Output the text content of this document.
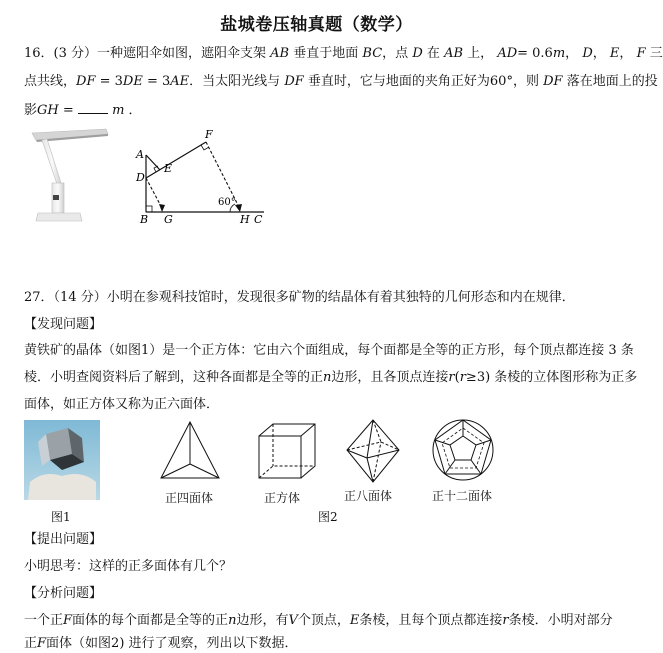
盐城卷压轴真题（数学）
16．(3 分）一种遮阳伞如图，遮阳伞支架 AB 垂直于地面 BC，点 D 在 AB 上， AD= 0.6m， D， E， F 三
点共线，DF = 3DE = 3AE．当太阳光线与 DF 垂直时，它与地面的夹角正好为60°，则 DF 落在地面上的投
影GH =	m ．
F
A
E
D
B G	H C
60°
27．（14 分）小明在参观科技馆时，发现很多矿物的结晶体有着其独特的几何形态和内在规律．
【发现问题】
黄铁矿的晶体（如图1）是一个正方体：它由六个面组成，每个面都是全等的正方形，每个顶点都连接 3 条
棱．小明查阅资料后了解到，这种各面都是全等的正n边形，且各顶点连接r(r≥3) 条棱的立体图形称为正多
面体，如正方体又称为正六面体．
正四面体	正方体	正八面体	正十二面体
图1	图2
【提出问题】
小明思考：这样的正多面体有几个？
【分析问题】
一个正F面体的每个面都是全等的正n边形，有V个顶点，E条棱，且每个顶点都连接r条棱．小明对部分
正F面体（如图2) 进行了观察，列出以下数据．
